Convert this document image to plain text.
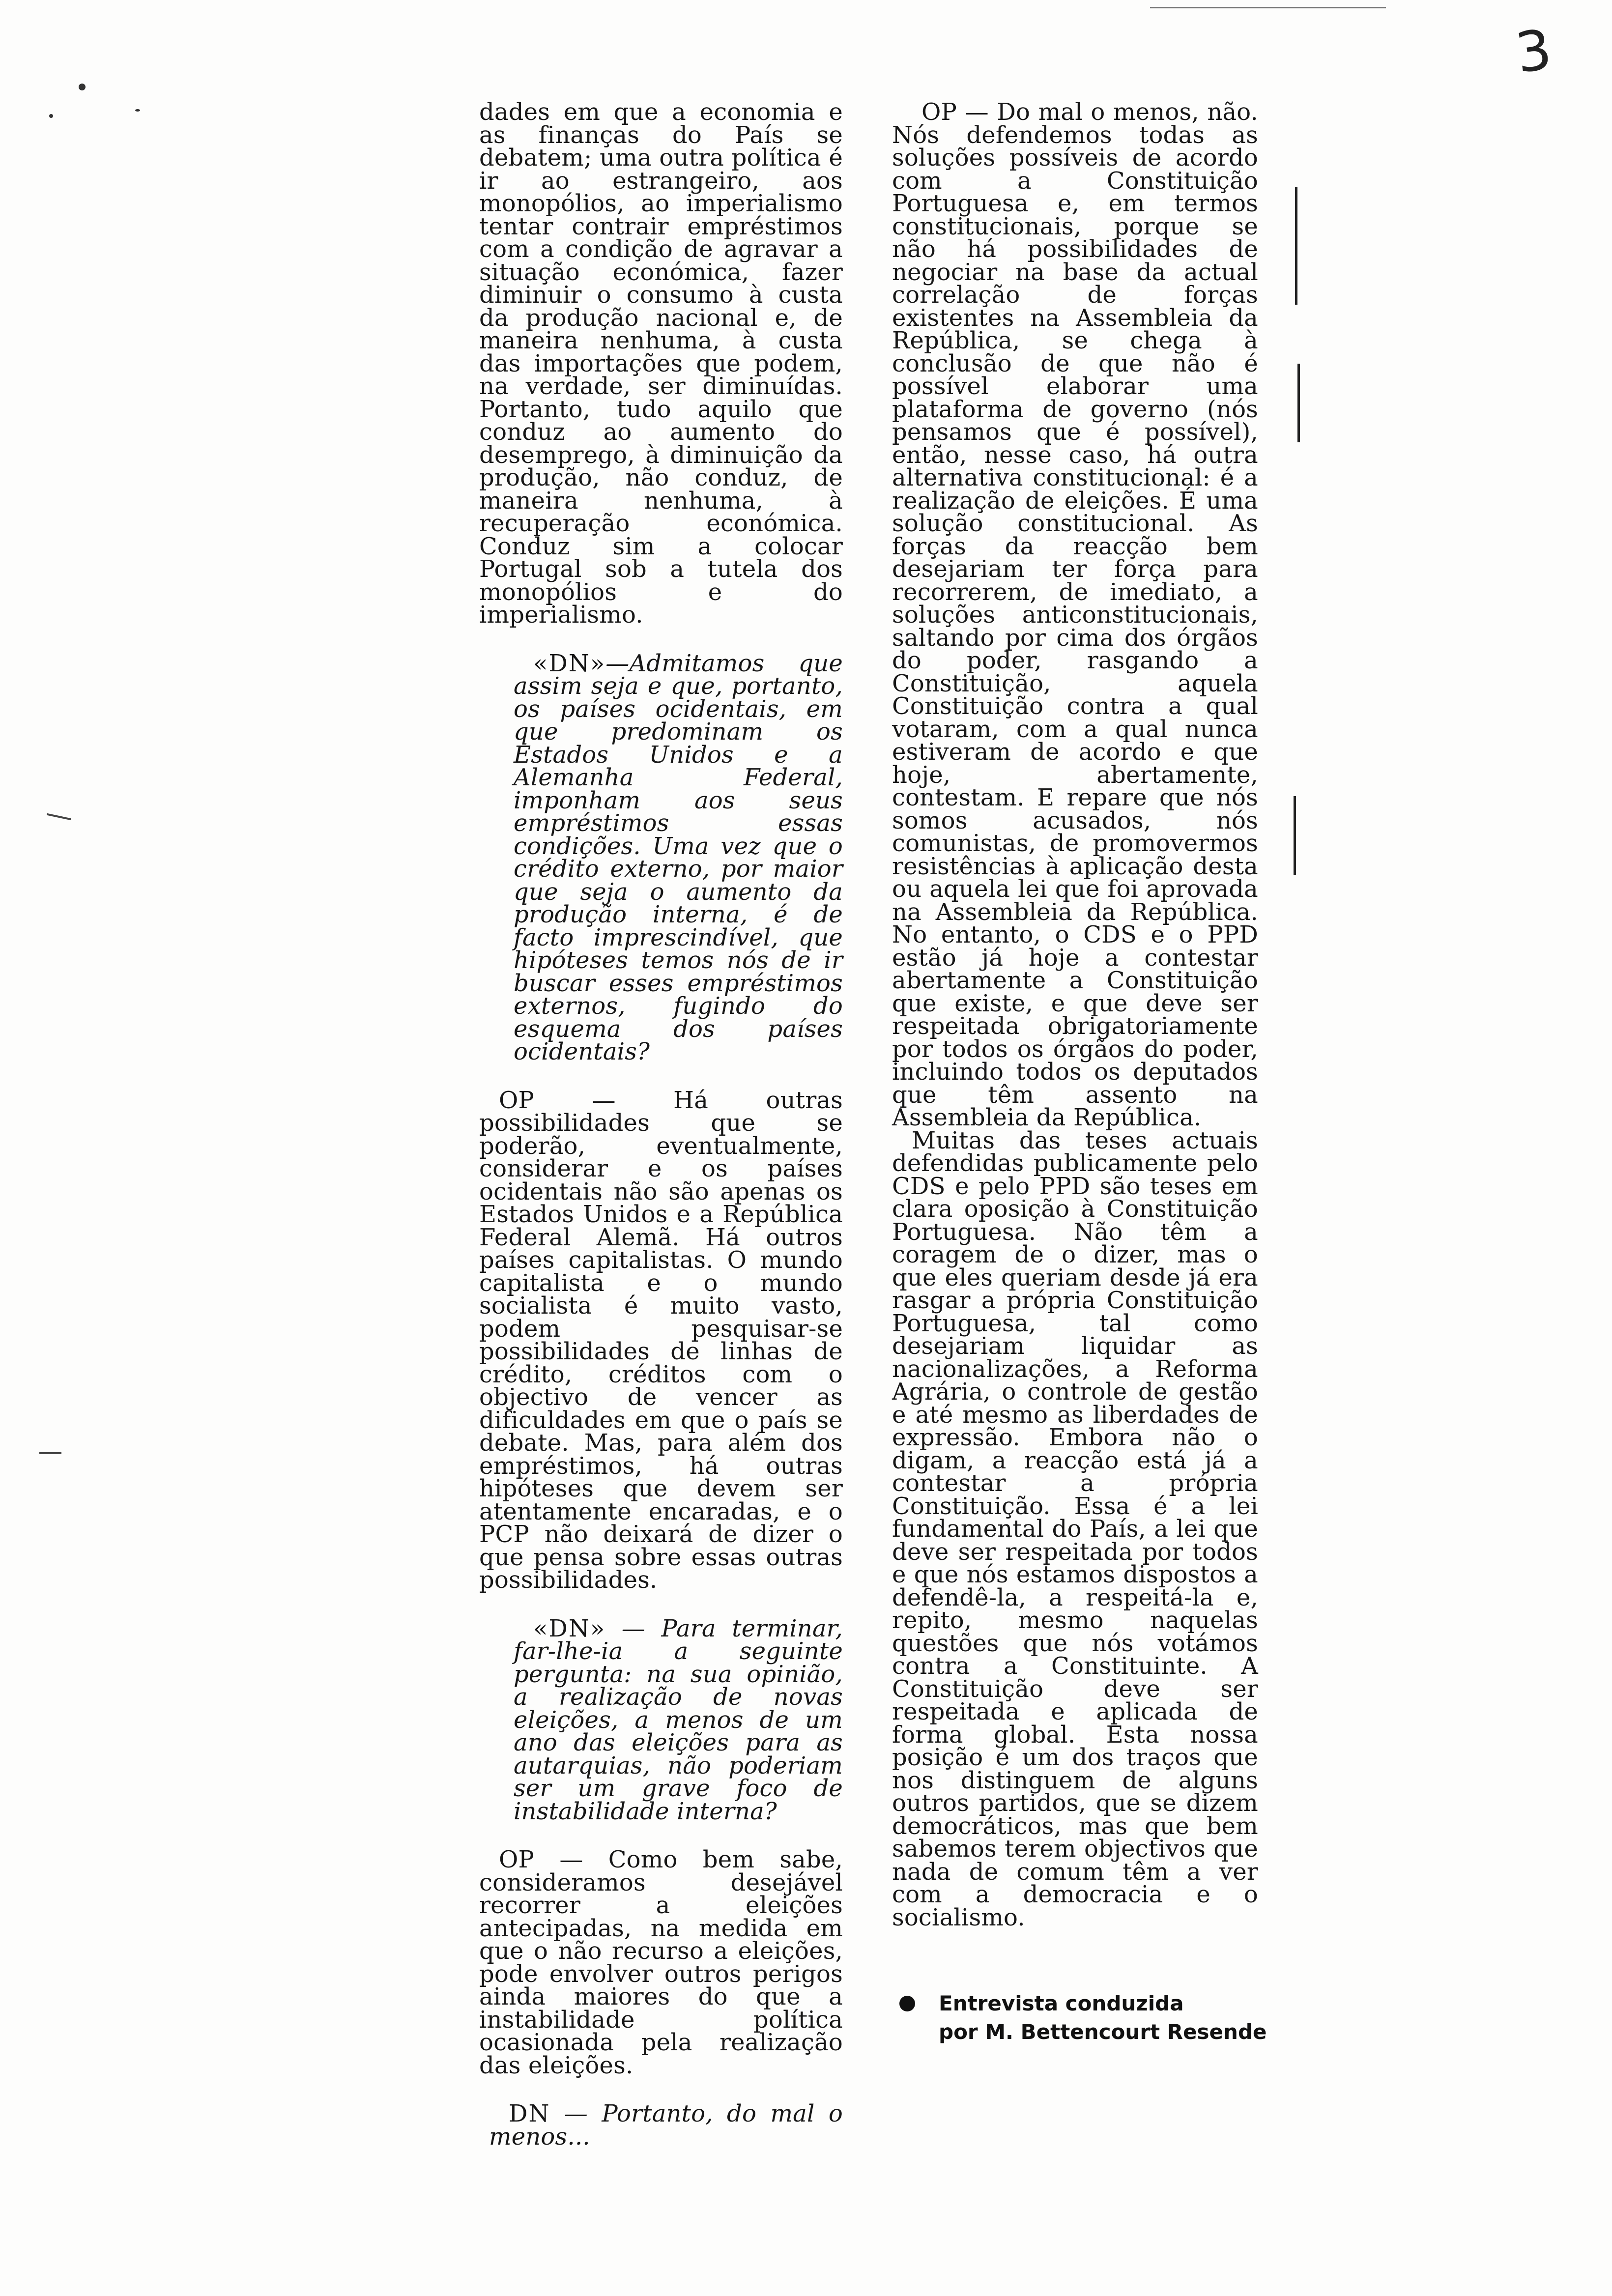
3

dades em que a economia e as finanças do País se debatem; uma outra política é ir ao estrangeiro, aos monopólios, ao imperialismo tentar contrair empréstimos com a condição de agravar a situação económica, fazer diminuir o consumo à custa da produção nacional e, de maneira nenhuma, à custa das importações que podem, na verdade, ser diminuídas. Portanto, tudo aquilo que conduz ao aumento do desemprego, à diminuição da produção, não conduz, de maneira nenhuma, à recuperação económica. Conduz sim a colocar Portugal sob a tutela dos monopólios e do imperialismo.

«DN»—Admitamos que assim seja e que, portanto, os países ocidentais, em que predominam os Estados Unidos e a Alemanha Federal, imponham aos seus empréstimos essas condições. Uma vez que o crédito externo, por maior que seja o aumento da produção interna, é de facto imprescindível, que hipóteses temos nós de ir buscar esses empréstimos externos, fugindo do esquema dos países ocidentais?

OP — Há outras possibilidades que se poderão, eventualmente, considerar e os países ocidentais não são apenas os Estados Unidos e a República Federal Alemã. Há outros países capitalistas. O mundo capitalista e o mundo socialista é muito vasto, podem pesquisar-se possibilidades de linhas de crédito, créditos com o objectivo de vencer as dificuldades em que o país se debate. Mas, para além dos empréstimos, há outras hipóteses que devem ser atentamente encaradas, e o PCP não deixará de dizer o que pensa sobre essas outras possibilidades.

«DN» — Para terminar, far-lhe-ia a seguinte pergunta: na sua opinião, a realização de novas eleições, a menos de um ano das eleições para as autarquias, não poderiam ser um grave foco de instabilidade interna?

OP — Como bem sabe, consideramos desejável recorrer a eleições antecipadas, na medida em que o não recurso a eleições, pode envolver outros perigos ainda maiores do que a instabilidade política ocasionada pela realização das eleições.

DN — Portanto, do mal o menos...

OP — Do mal o menos, não. Nós defendemos todas as soluções possíveis de acordo com a Constituição Portuguesa e, em termos constitucionais, porque se não há possibilidades de negociar na base da actual correlação de forças existentes na Assembleia da República, se chega à conclusão de que não é possível elaborar uma plataforma de governo (nós pensamos que é possível), então, nesse caso, há outra alternativa constitucional: é a realização de eleições. É uma solução constitucional. As forças da reacção bem desejariam ter força para recorrerem, de imediato, a soluções anticonstitucionais, saltando por cima dos órgãos do poder, rasgando a Constituição, aquela Constituição contra a qual votaram, com a qual nunca estiveram de acordo e que hoje, abertamente, contestam. E repare que nós somos acusados, nós comunistas, de promovermos resistências à aplicação desta ou aquela lei que foi aprovada na Assembleia da República. No entanto, o CDS e o PPD estão já hoje a contestar abertamente a Constituição que existe, e que deve ser respeitada obrigatoriamente por todos os órgãos do poder, incluindo todos os deputados que têm assento na Assembleia da República.

Muitas das teses actuais defendidas publicamente pelo CDS e pelo PPD são teses em clara oposição à Constituição Portuguesa. Não têm a coragem de o dizer, mas o que eles queriam desde já era rasgar a própria Constituição Portuguesa, tal como desejariam liquidar as nacionalizações, a Reforma Agrária, o controle de gestão e até mesmo as liberdades de expressão. Embora não o digam, a reacção está já a contestar a própria Constituição. Essa é a lei fundamental do País, a lei que deve ser respeitada por todos e que nós estamos dispostos a defendê-la, a respeitá-la e, repito, mesmo naquelas questões que nós votámos contra a Constituinte. A Constituição deve ser respeitada e aplicada de forma global. Esta nossa posição é um dos traços que nos distinguem de alguns outros partidos, que se dizem democráticos, mas que bem sabemos terem objectivos que nada de comum têm a ver com a democracia e o socialismo.

Entrevista conduzida
por M. Bettencourt Resende
